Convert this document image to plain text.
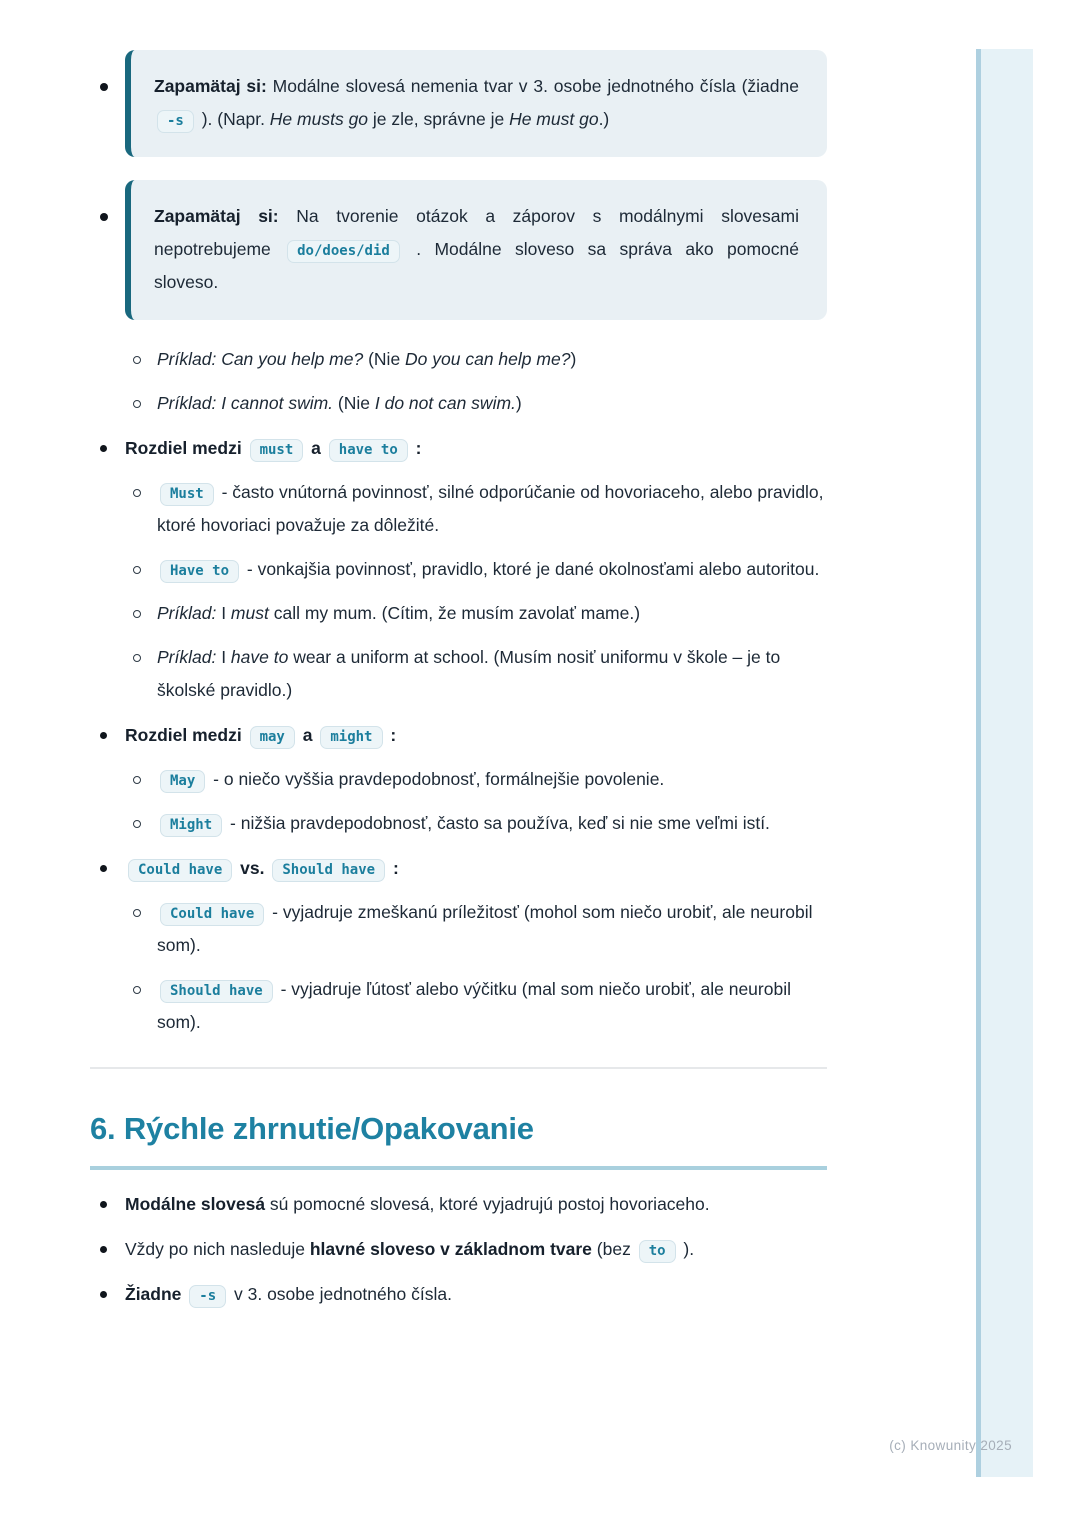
Zapamätaj si: Modálne slovesá nemenia tvar v 3. osobe jednotného čísla (žiadne -s ). (Napr. He musts go je zle, správne je He must go.)

Zapamätaj si: Na tvorenie otázok a záporov s modálnymi slovesami nepotrebujeme do/does/did . Modálne sloveso sa správa ako pomocné sloveso.

Príklad: Can you help me? (Nie Do you can help me?)
Príklad: I cannot swim. (Nie I do not can swim.)
Rozdiel medzi must a have to :
Must - často vnútorná povinnosť, silné odporúčanie od hovoriaceho, alebo pravidlo, ktoré hovoriaci považuje za dôležité.
Have to - vonkajšia povinnosť, pravidlo, ktoré je dané okolnosťami alebo autoritou.
Príklad: I must call my mum. (Cítim, že musím zavolať mame.)
Príklad: I have to wear a uniform at school. (Musím nosiť uniformu v škole – je to školské pravidlo.)
Rozdiel medzi may a might :
May - o niečo vyššia pravdepodobnosť, formálnejšie povolenie.
Might - nižšia pravdepodobnosť, často sa používa, keď si nie sme veľmi istí.
Could have vs. Should have :
Could have - vyjadruje zmeškanú príležitosť (mohol som niečo urobiť, ale neurobil som).
Should have - vyjadruje ľútosť alebo výčitku (mal som niečo urobiť, ale neurobil som).
6. Rýchle zhrnutie/Opakovanie
Modálne slovesá sú pomocné slovesá, ktoré vyjadrujú postoj hovoriaceho.
Vždy po nich nasleduje hlavné sloveso v základnom tvare (bez to ).
Žiadne -s v 3. osobe jednotného čísla.
(c) Knowunity 2025
